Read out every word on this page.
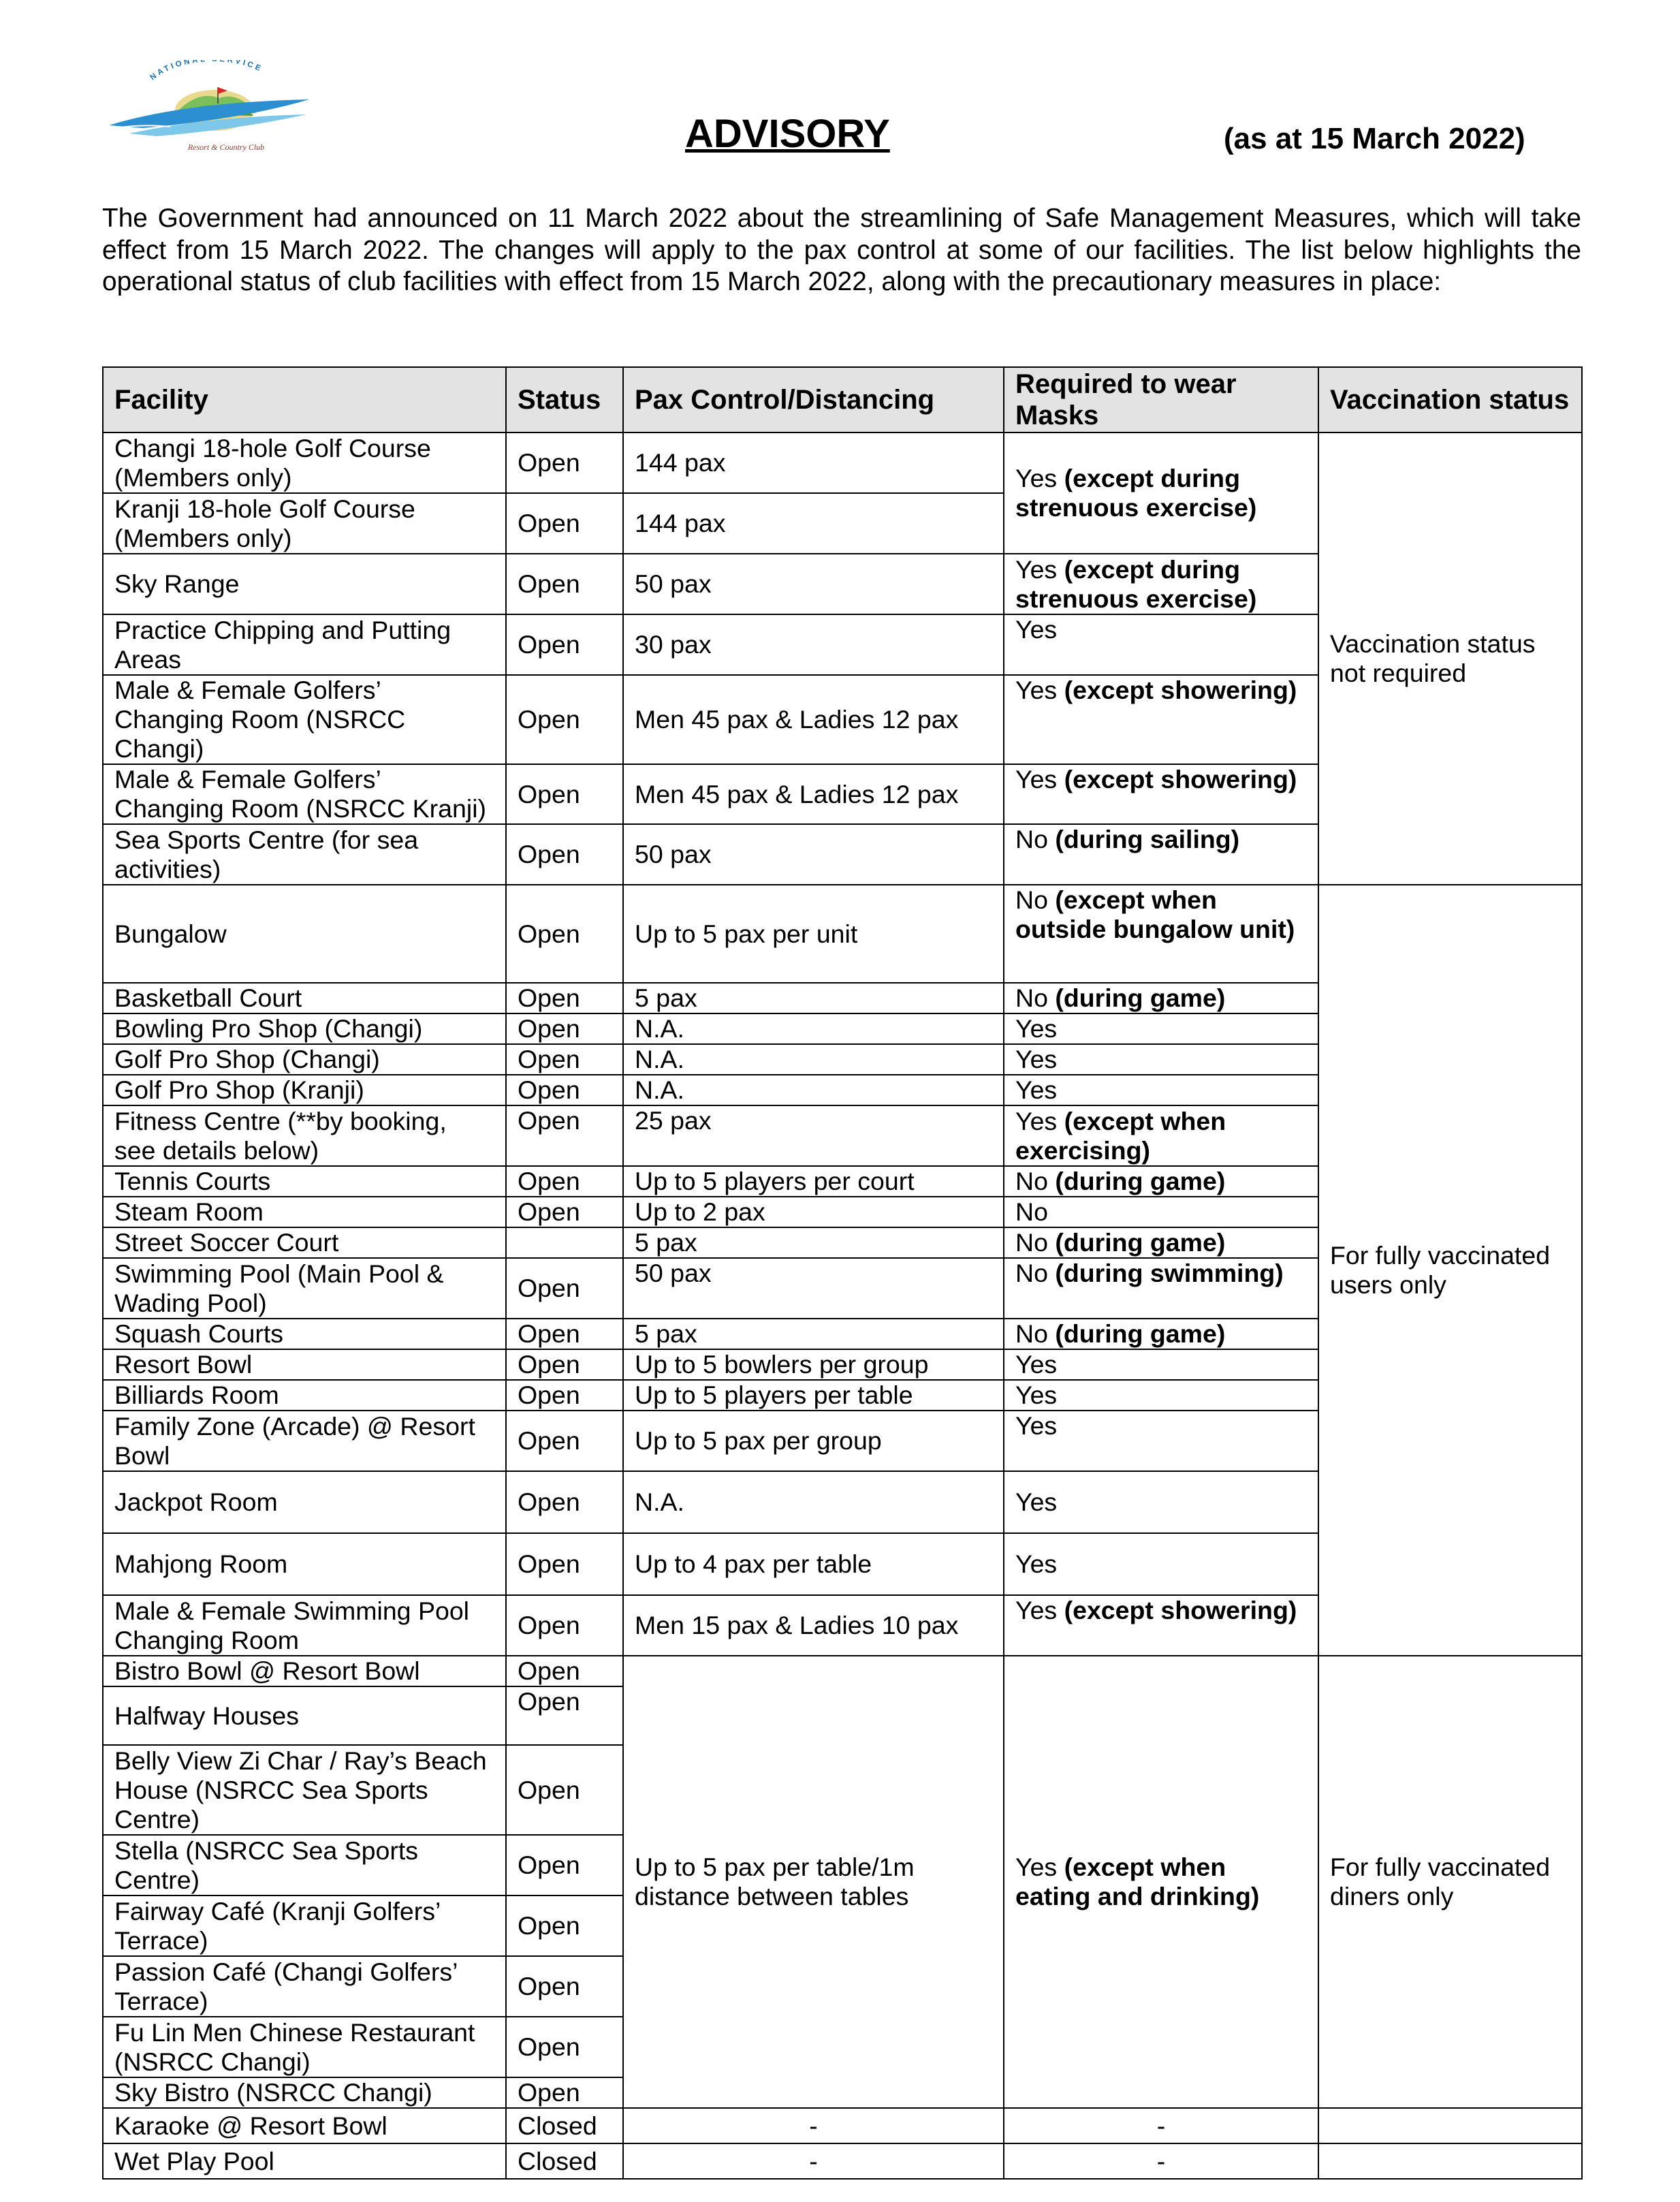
NATIONA RVICE
Resort & Country Club	ADVISORY	(as at 15 March 2022)

The Government had announced on 11 March 2022 about the streamlining of Safe Management Measures, which will take effect from 15 March 2022. The changes will apply to the pax control at some of our facilities. The list below highlights the operational status of club facilities with effect from 15 March 2022, along with the precautionary measures in place:

Facility	Status	Pax Control/Distancing	Required to wear Masks	Vaccination status
Changi 18-hole Golf Course (Members only)	Open	144 pax	Yes (except during strenuous exercise)	Vaccination status not required
Kranji 18-hole Golf Course (Members only)	Open	144 pax		
Sky Range	Open	50 pax	Yes (except during strenuous exercise)	
Practice Chipping and Putting Areas	Open	30 pax	Yes	
Male & Female Golfers’ Changing Room (NSRCC Changi)	Open	Men 45 pax & Ladies 12 pax	Yes (except showering)	
Male & Female Golfers’ Changing Room (NSRCC Kranji)	Open	Men 45 pax & Ladies 12 pax	Yes (except showering)	
Sea Sports Centre (for sea activities)	Open	50 pax	No (during sailing)	
Bungalow	Open	Up to 5 pax per unit	No (except when outside bungalow unit)	For fully vaccinated users only
Basketball Court	Open	5 pax	No (during game)	
Bowling Pro Shop (Changi)	Open	N.A.	Yes	
Golf Pro Shop (Changi)	Open	N.A.	Yes	
Golf Pro Shop (Kranji)	Open	N.A.	Yes	
Fitness Centre (**by booking, see details below)	Open	25 pax	Yes (except when exercising)	
Tennis Courts	Open	Up to 5 players per court	No (during game)	
Steam Room	Open	Up to 2 pax	No	
Street Soccer Court		5 pax	No (during game)	
Swimming Pool (Main Pool & Wading Pool)	Open	50 pax	No (during swimming)	
Squash Courts	Open	5 pax	No (during game)	
Resort Bowl	Open	Up to 5 bowlers per group	Yes	
Billiards Room	Open	Up to 5 players per table	Yes	
Family Zone (Arcade) @ Resort Bowl	Open	Up to 5 pax per group	Yes	
Jackpot Room	Open	N.A.	Yes	
Mahjong Room	Open	Up to 4 pax per table	Yes	
Male & Female Swimming Pool Changing Room	Open	Men 15 pax & Ladies 10 pax	Yes (except showering)	
Bistro Bowl @ Resort Bowl	Open	Up to 5 pax per table/1m distance between tables	Yes (except when eating and drinking)	For fully vaccinated diners only
Halfway Houses	Open			
Belly View Zi Char / Ray’s Beach House (NSRCC Sea Sports Centre)	Open			
Stella (NSRCC Sea Sports Centre)	Open			
Fairway Café (Kranji Golfers’ Terrace)	Open			
Passion Café (Changi Golfers’ Terrace)	Open			
Fu Lin Men Chinese Restaurant (NSRCC Changi)	Open			
Sky Bistro (NSRCC Changi)	Open			
Karaoke @ Resort Bowl	Closed	-	-	
Wet Play Pool	Closed	-	-	
